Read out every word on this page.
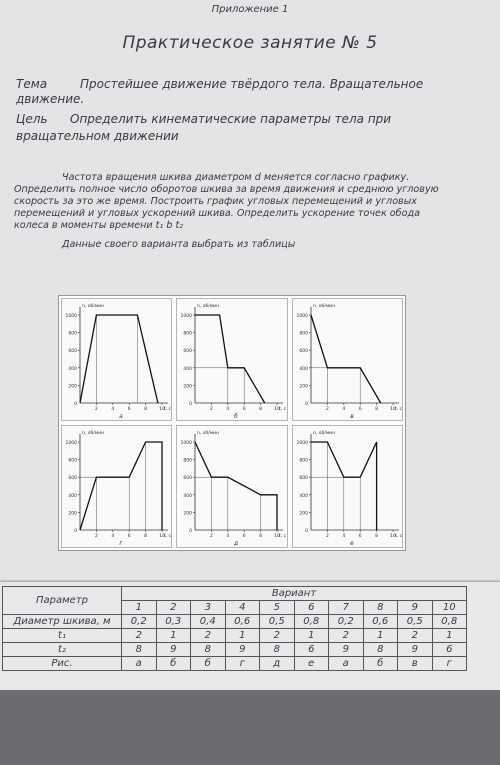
Приложение 1
Практическое занятие № 5
Тема	Простейшее движение твёрдого тела. Вращательное
движение.
Цель Определить кинематические параметры тела при
вращательном движении
Частота вращения шкива диаметром d меняется согласно графику.
Определить полное число оборотов шкива за время движения и среднюю угловую
скорость за это же время. Построить график угловых перемещений и угловых
перемещений и угловых ускорений шкива. Определить ускорение точек обода
колеса в моменты времени t₁ b t₂
Данные своего варианта выбрать из таблицы
200
400
600
800
1000
0
2	4	6	8	10
n, об/мин
t, с
а
200
400
600
800
1000
0
2	4	6	8	10
n, об/мин
t, с
б
200
400
600
800
1000
0
2	4	6	8	10
n, об/мин
t, с
в
200
400
600
800
1000
0
2	4	6	8	10
n, об/мин
t, с
г
200
400
600
800
1000
0
2	4	6	8	10
n, об/мин
t, с
д
200
400
600
800
1000
0
2	4	6	8	10
n, об/мин
t, с
е
Параметр	Вариант									
	1	2	3	4	5	6	7	8	9	10
Диаметр шкива, м	0,2	0,3	0,4	0,6	0,5	0,8	0,2	0,6	0,5	0,8
t₁	2	1	2	1	2	1	2	1	2	1
t₂	8	9	8	9	8	6	9	8	9	6
Рис.	а	б	б	г	д	е	а	б	в	г
